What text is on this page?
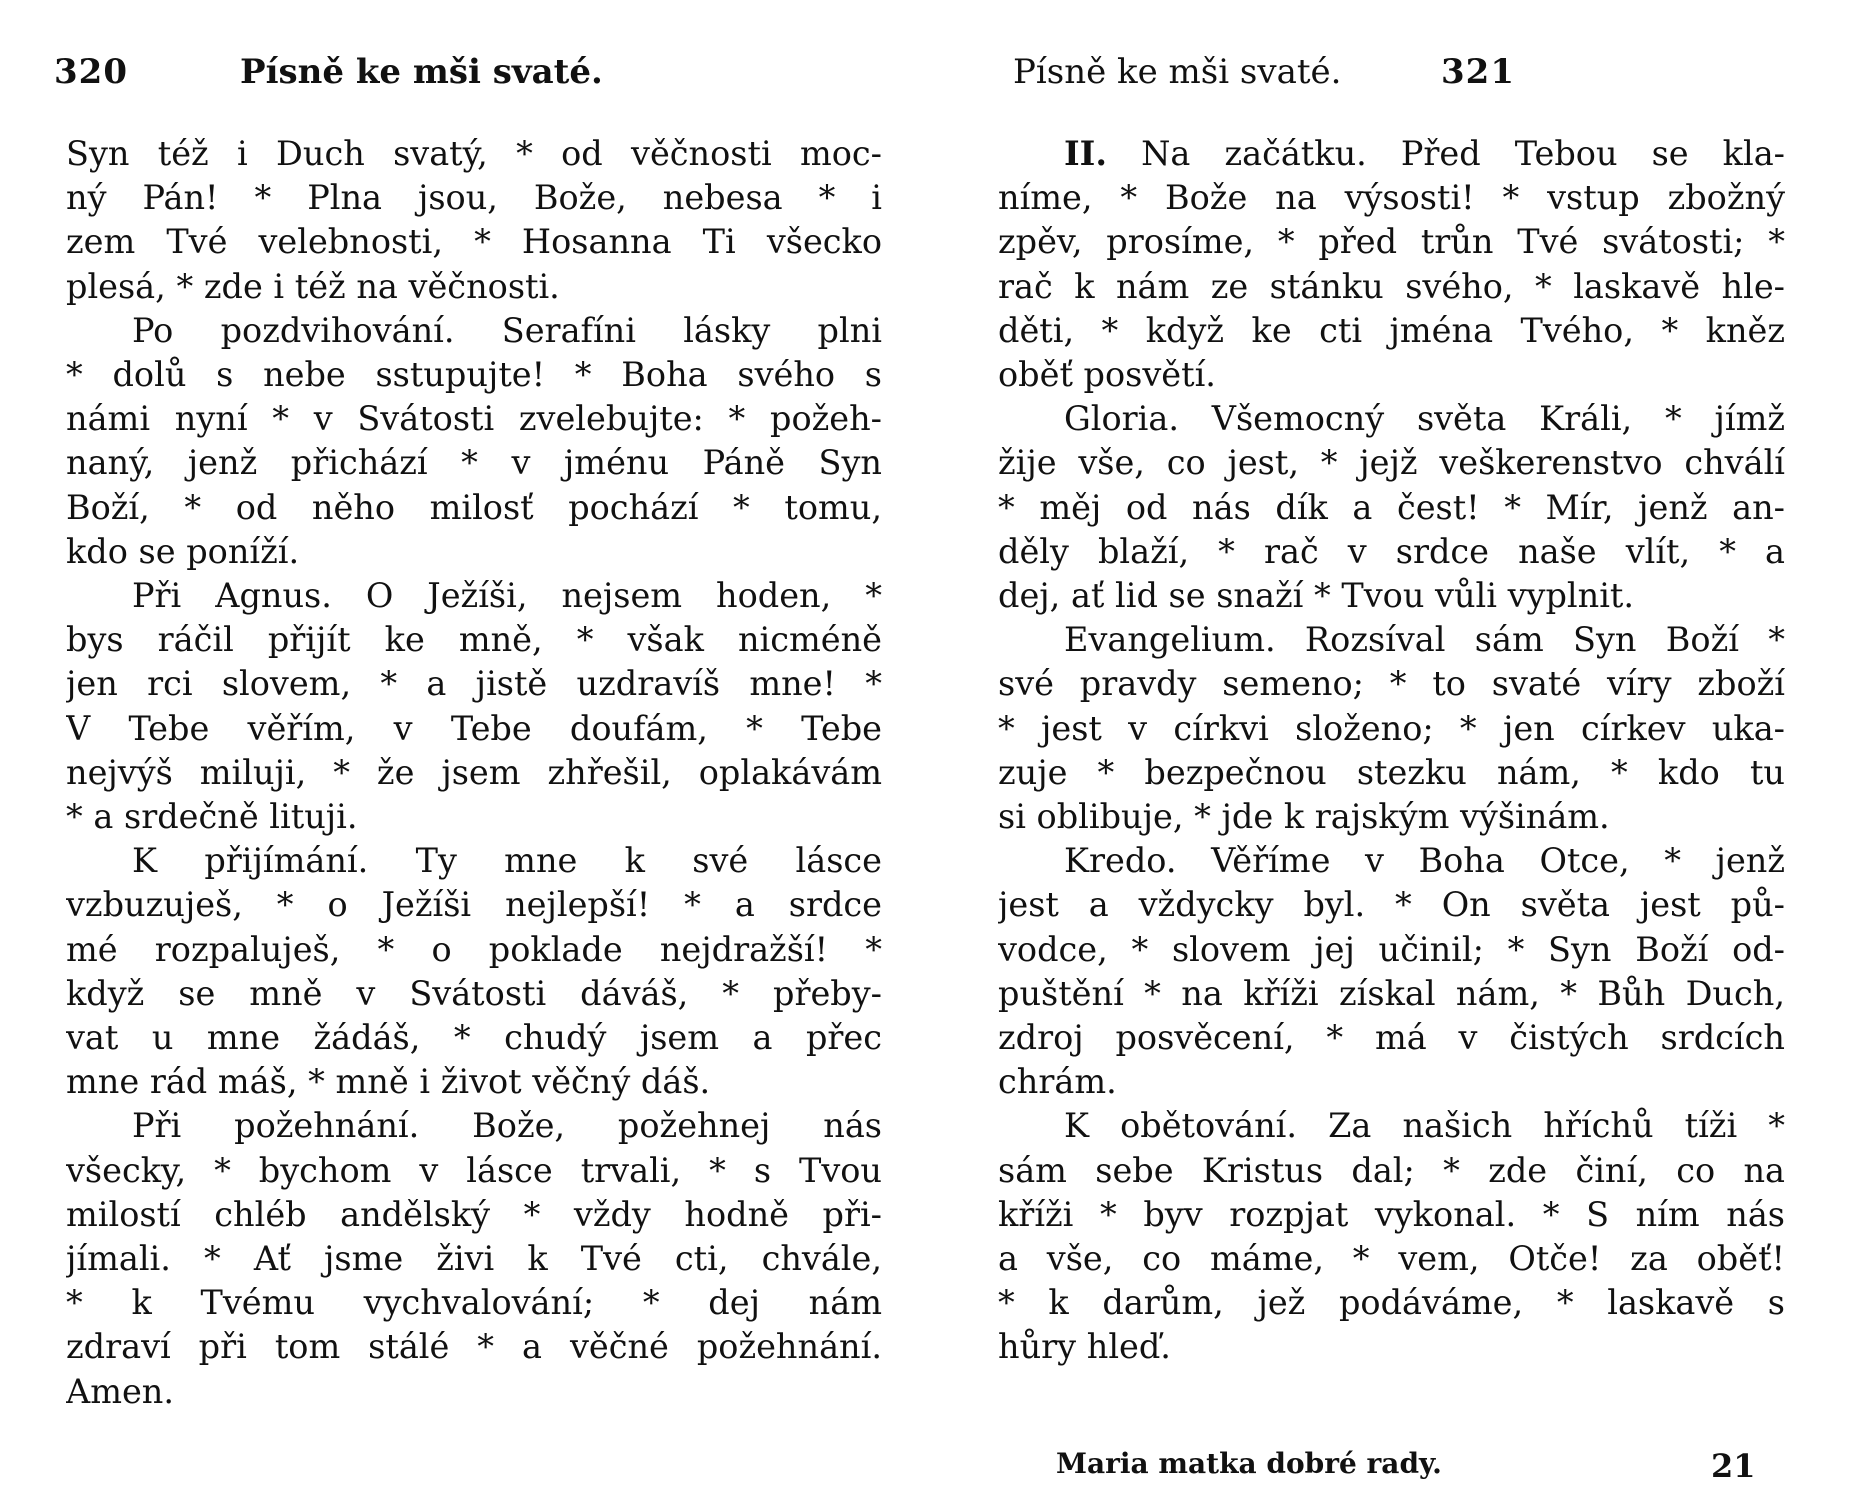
320	Písně ke mši svaté.
Syn též i Duch svatý, * od věčnosti moc-
ný Pán! * Plna jsou, Bože, nebesa * i
zem Tvé velebnosti, * Hosanna Ti všecko
plesá, * zde i též na věčnosti.
Po pozdvihování. Serafíni lásky plni
* dolů s nebe sstupujte! * Boha svého s
námi nyní * v Svátosti zvelebujte: * požeh-
naný, jenž přichází * v jménu Páně Syn
Boží, * od něho milosť pochází * tomu,
kdo se poníží.
Při Agnus. O Ježíši, nejsem hoden, *
bys ráčil přijít ke mně, * však nicméně
jen rci slovem, * a jistě uzdravíš mne! *
V Tebe věřím, v Tebe doufám, * Tebe
nejvýš miluji, * že jsem zhřešil, oplakávám
* a srdečně lituji.
K přijímání. Ty mne k své lásce
vzbuzuješ, * o Ježíši nejlepší! * a srdce
mé rozpaluješ, * o poklade nejdražší! *
když se mně v Svátosti dáváš, * přeby-
vat u mne žádáš, * chudý jsem a přec
mne rád máš, * mně i život věčný dáš.
Při požehnání. Bože, požehnej nás
všecky, * bychom v lásce trvali, * s Tvou
milostí chléb andělský * vždy hodně při-
jímali. * Ať jsme živi k Tvé cti, chvále,
* k Tvému vychvalování; * dej nám
zdraví při tom stálé * a věčné požehnání.
Amen.
Písně ke mši svaté.	321
II. Na začátku. Před Tebou se kla-
níme, * Bože na výsosti! * vstup zbožný
zpěv, prosíme, * před trůn Tvé svátosti; *
rač k nám ze stánku svého, * laskavě hle-
děti, * když ke cti jména Tvého, * kněz
oběť posvětí.
Gloria. Všemocný světa Králi, * jímž
žije vše, co jest, * jejž veškerenstvo chválí
* měj od nás dík a čest! * Mír, jenž an-
děly blaží, * rač v srdce naše vlít, * a
dej, ať lid se snaží * Tvou vůli vyplnit.
Evangelium. Rozsíval sám Syn Boží *
své pravdy semeno; * to svaté víry zboží
* jest v církvi složeno; * jen církev uka-
zuje * bezpečnou stezku nám, * kdo tu
si oblibuje, * jde k rajským výšinám.
Kredo. Věříme v Boha Otce, * jenž
jest a vždycky byl. * On světa jest pů-
vodce, * slovem jej učinil; * Syn Boží od-
puštění * na kříži získal nám, * Bůh Duch,
zdroj posvěcení, * má v čistých srdcích
chrám.
K obětování. Za našich hříchů tíži *
sám sebe Kristus dal; * zde činí, co na
kříži * byv rozpjat vykonal. * S ním nás
a vše, co máme, * vem, Otče! za oběť!
* k darům, jež podáváme, * laskavě s
hůry hleď.
Maria matka dobré rady.	21
